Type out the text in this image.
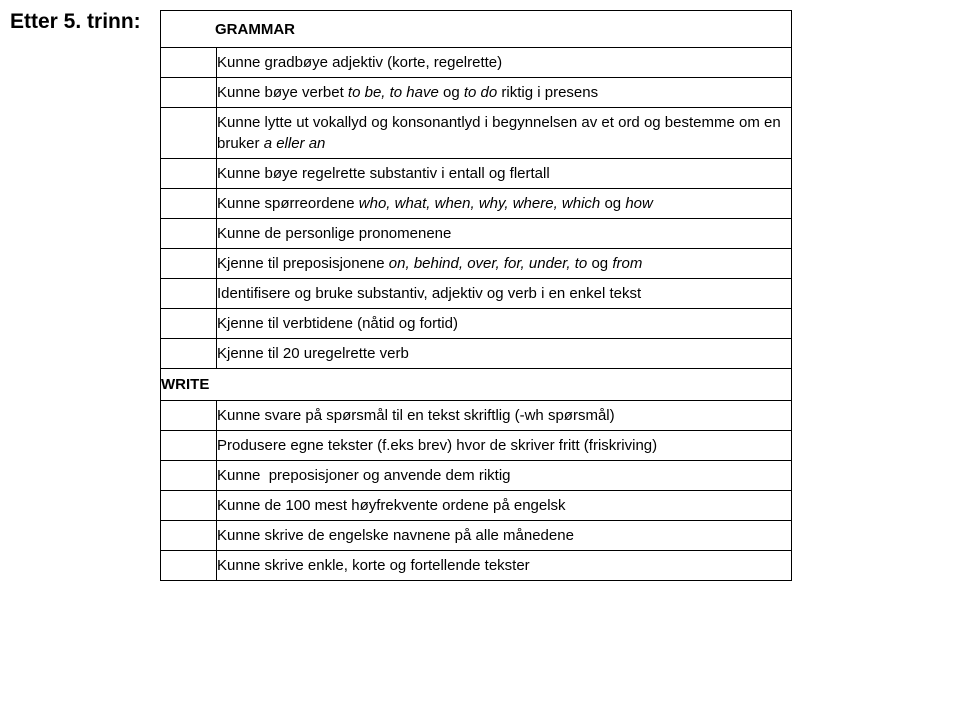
Etter 5. trinn:	GRAMMAR	
	Kunne gradbøye adjektiv (korte, regelrette)
	Kunne bøye verbet to be, to have og to do riktig i presens
	Kunne lytte ut vokallyd og konsonantlyd i begynnelsen av et ord og bestemme om en bruker a eller an
	Kunne bøye regelrette substantiv i entall og flertall
	Kunne spørreordene who, what, when, why, where, which og how
	Kunne de personlige pronomenene
	Kjenne til preposisjonene on, behind, over, for, under, to og from
	Identifisere og bruke substantiv, adjektiv og verb i en enkel tekst
	Kjenne til verbtidene (nåtid og fortid)
	Kjenne til 20 uregelrette verb
WRITE	
	Kunne svare på spørsmål til en tekst skriftlig (-wh spørsmål)
	Produsere egne tekster (f.eks brev) hvor de skriver fritt (friskriving)
	Kunne  preposisjoner og anvende dem riktig
	Kunne de 100 mest høyfrekvente ordene på engelsk
	Kunne skrive de engelske navnene på alle månedene
	Kunne skrive enkle, korte og fortellende tekster
